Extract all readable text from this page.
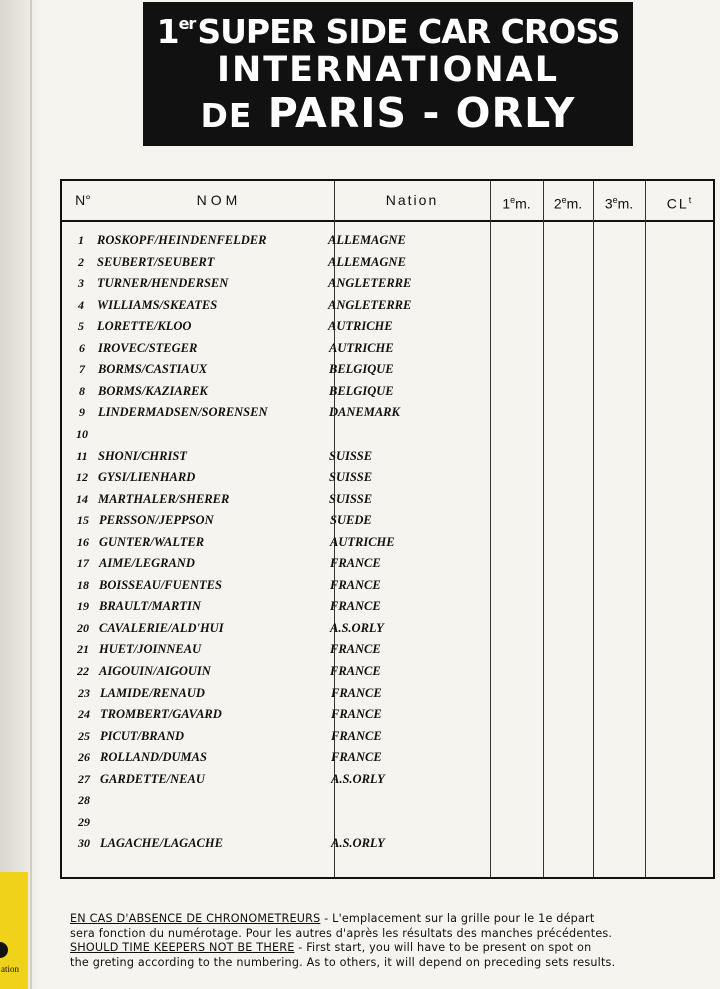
ation
1erSUPER SIDE CAR CROSS
INTERNATIONAL
DE PARIS - ORLY
N°	NOM	Nation	1em.	2em.	3em.	$CL^t$
1	ROSKOPF/HEINDENFELDER	ALLEMAGNE
2	SEUBERT/SEUBERT	ALLEMAGNE
3	TURNER/HENDERSEN	ANGLETERRE
4	WILLIAMS/SKEATES	ANGLETERRE
5	LORETTE/KLOO	AUTRICHE
6	IROVEC/STEGER	AUTRICHE
7	BORMS/CASTIAUX	BELGIQUE
8	BORMS/KAZIAREK	BELGIQUE
9	LINDERMADSEN/SORENSEN	DANEMARK
10
11 SHONI/CHRIST	SUISSE
12 GYSI/LIENHARD	SUISSE
14 MARTHALER/SHERER	SUISSE
15 PERSSON/JEPPSON	SUEDE
16 GUNTER/WALTER	AUTRICHE
17 AIME/LEGRAND	FRANCE
18 BOISSEAU/FUENTES	FRANCE
19 BRAULT/MARTIN	FRANCE
20 CAVALERIE/ALD'HUI	A.S.ORLY
21 HUET/JOINNEAU	FRANCE
22 AIGOUIN/AIGOUIN	FRANCE
23 LAMIDE/RENAUD	FRANCE
24 TROMBERT/GAVARD	FRANCE
25 PICUT/BRAND	FRANCE
26 ROLLAND/DUMAS	FRANCE
27 GARDETTE/NEAU	A.S.ORLY
28
29
30 LAGACHE/LAGACHE	A.S.ORLY
EN CAS D'ABSENCE DE CHRONOMETREURS - L'emplacement sur la grille pour le 1e départ
sera fonction du numérotage. Pour les autres d'après les résultats des manches précédentes.
SHOULD TIME KEEPERS NOT BE THERE - First start, you will have to be present on spot on
the greting according to the numbering. As to others, it will depend on preceding sets results.
